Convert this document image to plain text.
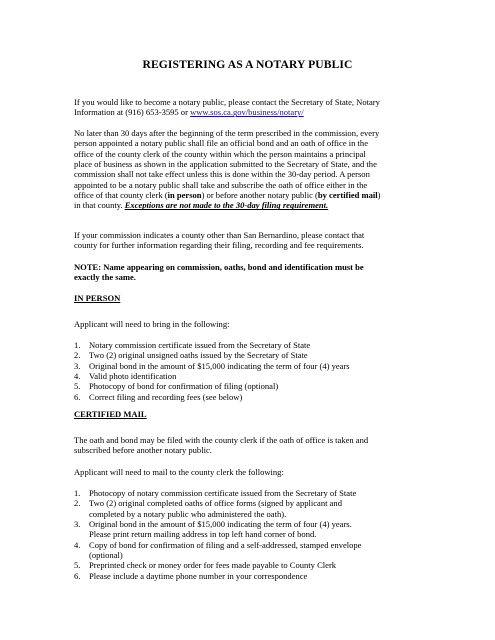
REGISTERING AS A NOTARY PUBLIC
If you would like to become a notary public, please contact the Secretary of State, Notary
Information at (916) 653-3595 or www.sos.ca.gov/business/notary/
No later than 30 days after the beginning of the term prescribed in the commission, every
person appointed a notary public shall file an official bond and an oath of office in the
office of the county clerk of the county within which the person maintains a principal
place of business as shown in the application submitted to the Secretary of State, and the
commission shall not take effect unless this is done within the 30-day period. A person
appointed to be a notary public shall take and subscribe the oath of office either in the
office of that county clerk (in person) or before another notary public (by certified mail)
in that county. Exceptions are not made to the 30-day filing requirement.
If your commission indicates a county other than San Bernardino, please contact that
county for further information regarding their filing, recording and fee requirements.
NOTE: Name appearing on commission, oaths, bond and identification must be
exactly the same.
IN PERSON
Applicant will need to bring in the following:
1. Notary commission certificate issued from the Secretary of State
2. Two (2) original unsigned oaths issued by the Secretary of State
3. Original bond in the amount of $15,000 indicating the term of four (4) years
4. Valid photo identification
5. Photocopy of bond for confirmation of filing (optional)
6. Correct filing and recording fees (see below)
CERTIFIED MAIL
The oath and bond may be filed with the county clerk if the oath of office is taken and
subscribed before another notary public.
Applicant will need to mail to the county clerk the following:
1. Photocopy of notary commission certificate issued from the Secretary of State
2. Two (2) original completed oaths of office forms (signed by applicant and
completed by a notary public who administered the oath).
3. Original bond in the amount of $15,000 indicating the term of four (4) years.
Please print return mailing address in top left hand corner of bond.
4. Copy of bond for confirmation of filing and a self-addressed, stamped envelope
(optional)
5. Preprinted check or money order for fees made payable to County Clerk
6. Please include a daytime phone number in your correspondence
